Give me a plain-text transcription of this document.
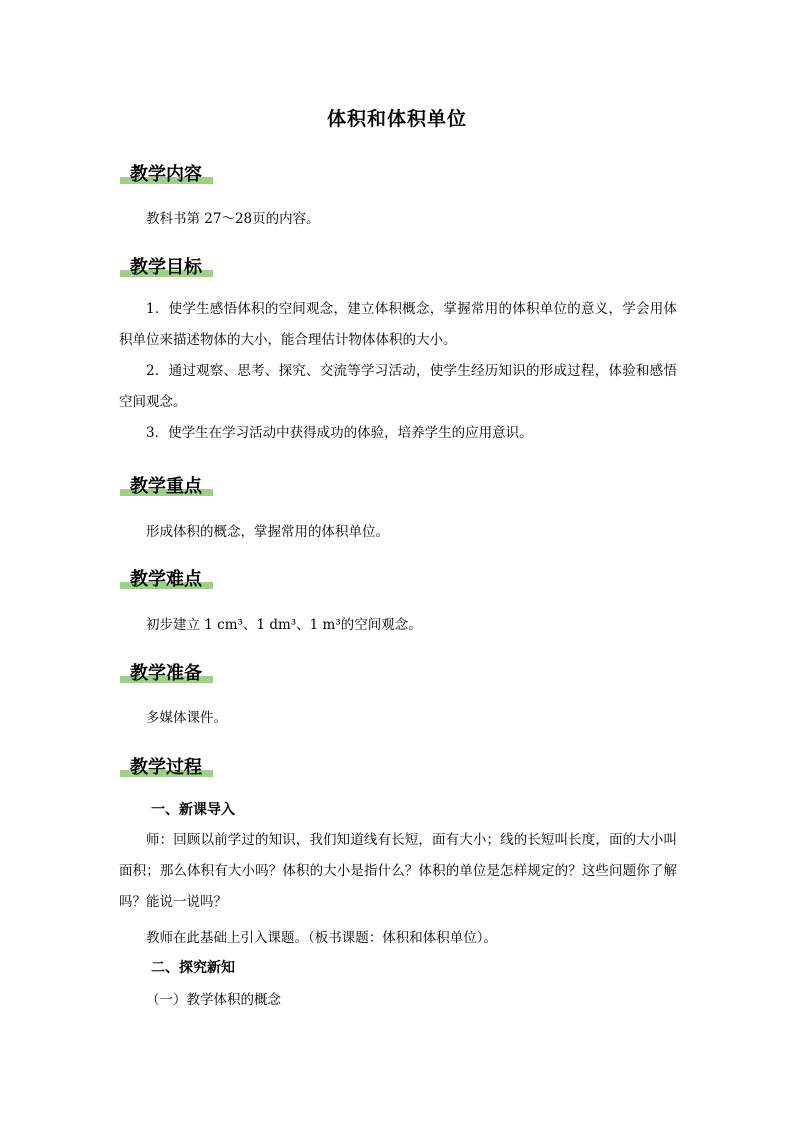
体积和体积单位
教学内容
教科书第 27～28页的内容。
教学目标
1．使学生感悟体积的空间观念，建立体积概念，掌握常用的体积单位的意义，学会用体积单位来描述物体的大小，能合理估计物体体积的大小。
2．通过观察、思考、探究、交流等学习活动，使学生经历知识的形成过程，体验和感悟空间观念。
3．使学生在学习活动中获得成功的体验，培养学生的应用意识。
教学重点
形成体积的概念，掌握常用的体积单位。
教学难点
初步建立 1 cm³、1 dm³、1 m³的空间观念。
教学准备
多媒体课件。
教学过程
一、新课导入
师：回顾以前学过的知识，我们知道线有长短，面有大小；线的长短叫长度，面的大小叫面积；那么体积有大小吗？体积的大小是指什么？体积的单位是怎样规定的？这些问题你了解吗？能说一说吗？
教师在此基础上引入课题。（板书课题：体积和体积单位）。
二、探究新知
（一）教学体积的概念
